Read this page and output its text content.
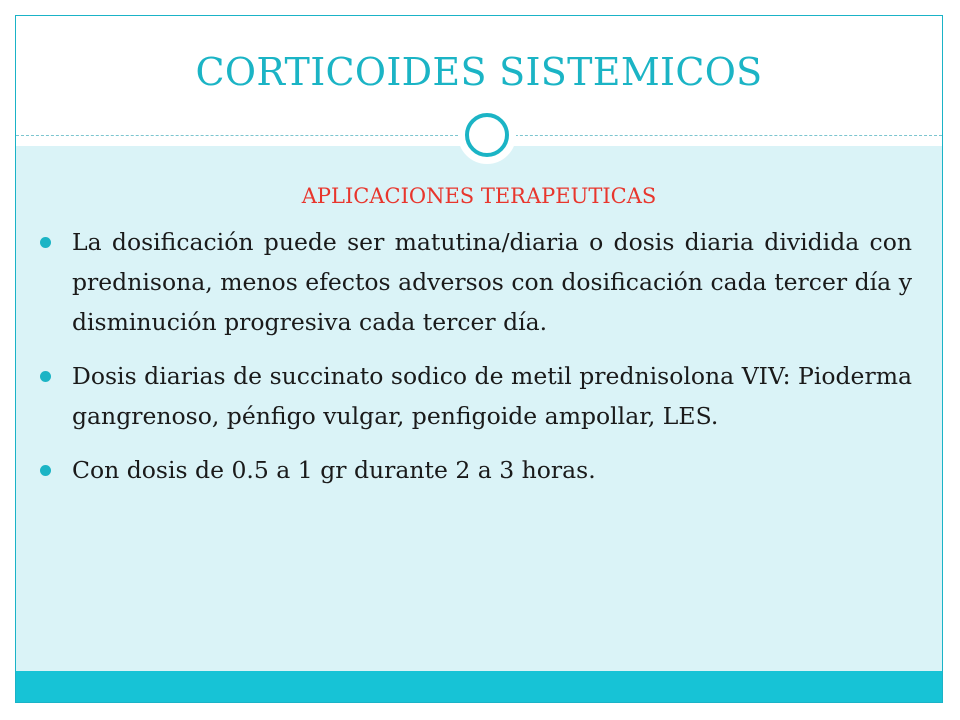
CORTICOIDES SISTEMICOS
APLICACIONES TERAPEUTICAS
La dosificación puede ser matutina/diaria o dosis diaria dividida con prednisona, menos efectos adversos con dosificación cada tercer día y disminución progresiva cada tercer día.
Dosis diarias de succinato sodico de metil prednisolona VIV: Pioderma gangrenoso, pénfigo vulgar, penfigoide ampollar, LES.
Con dosis de 0.5 a 1 gr durante 2 a 3 horas.
